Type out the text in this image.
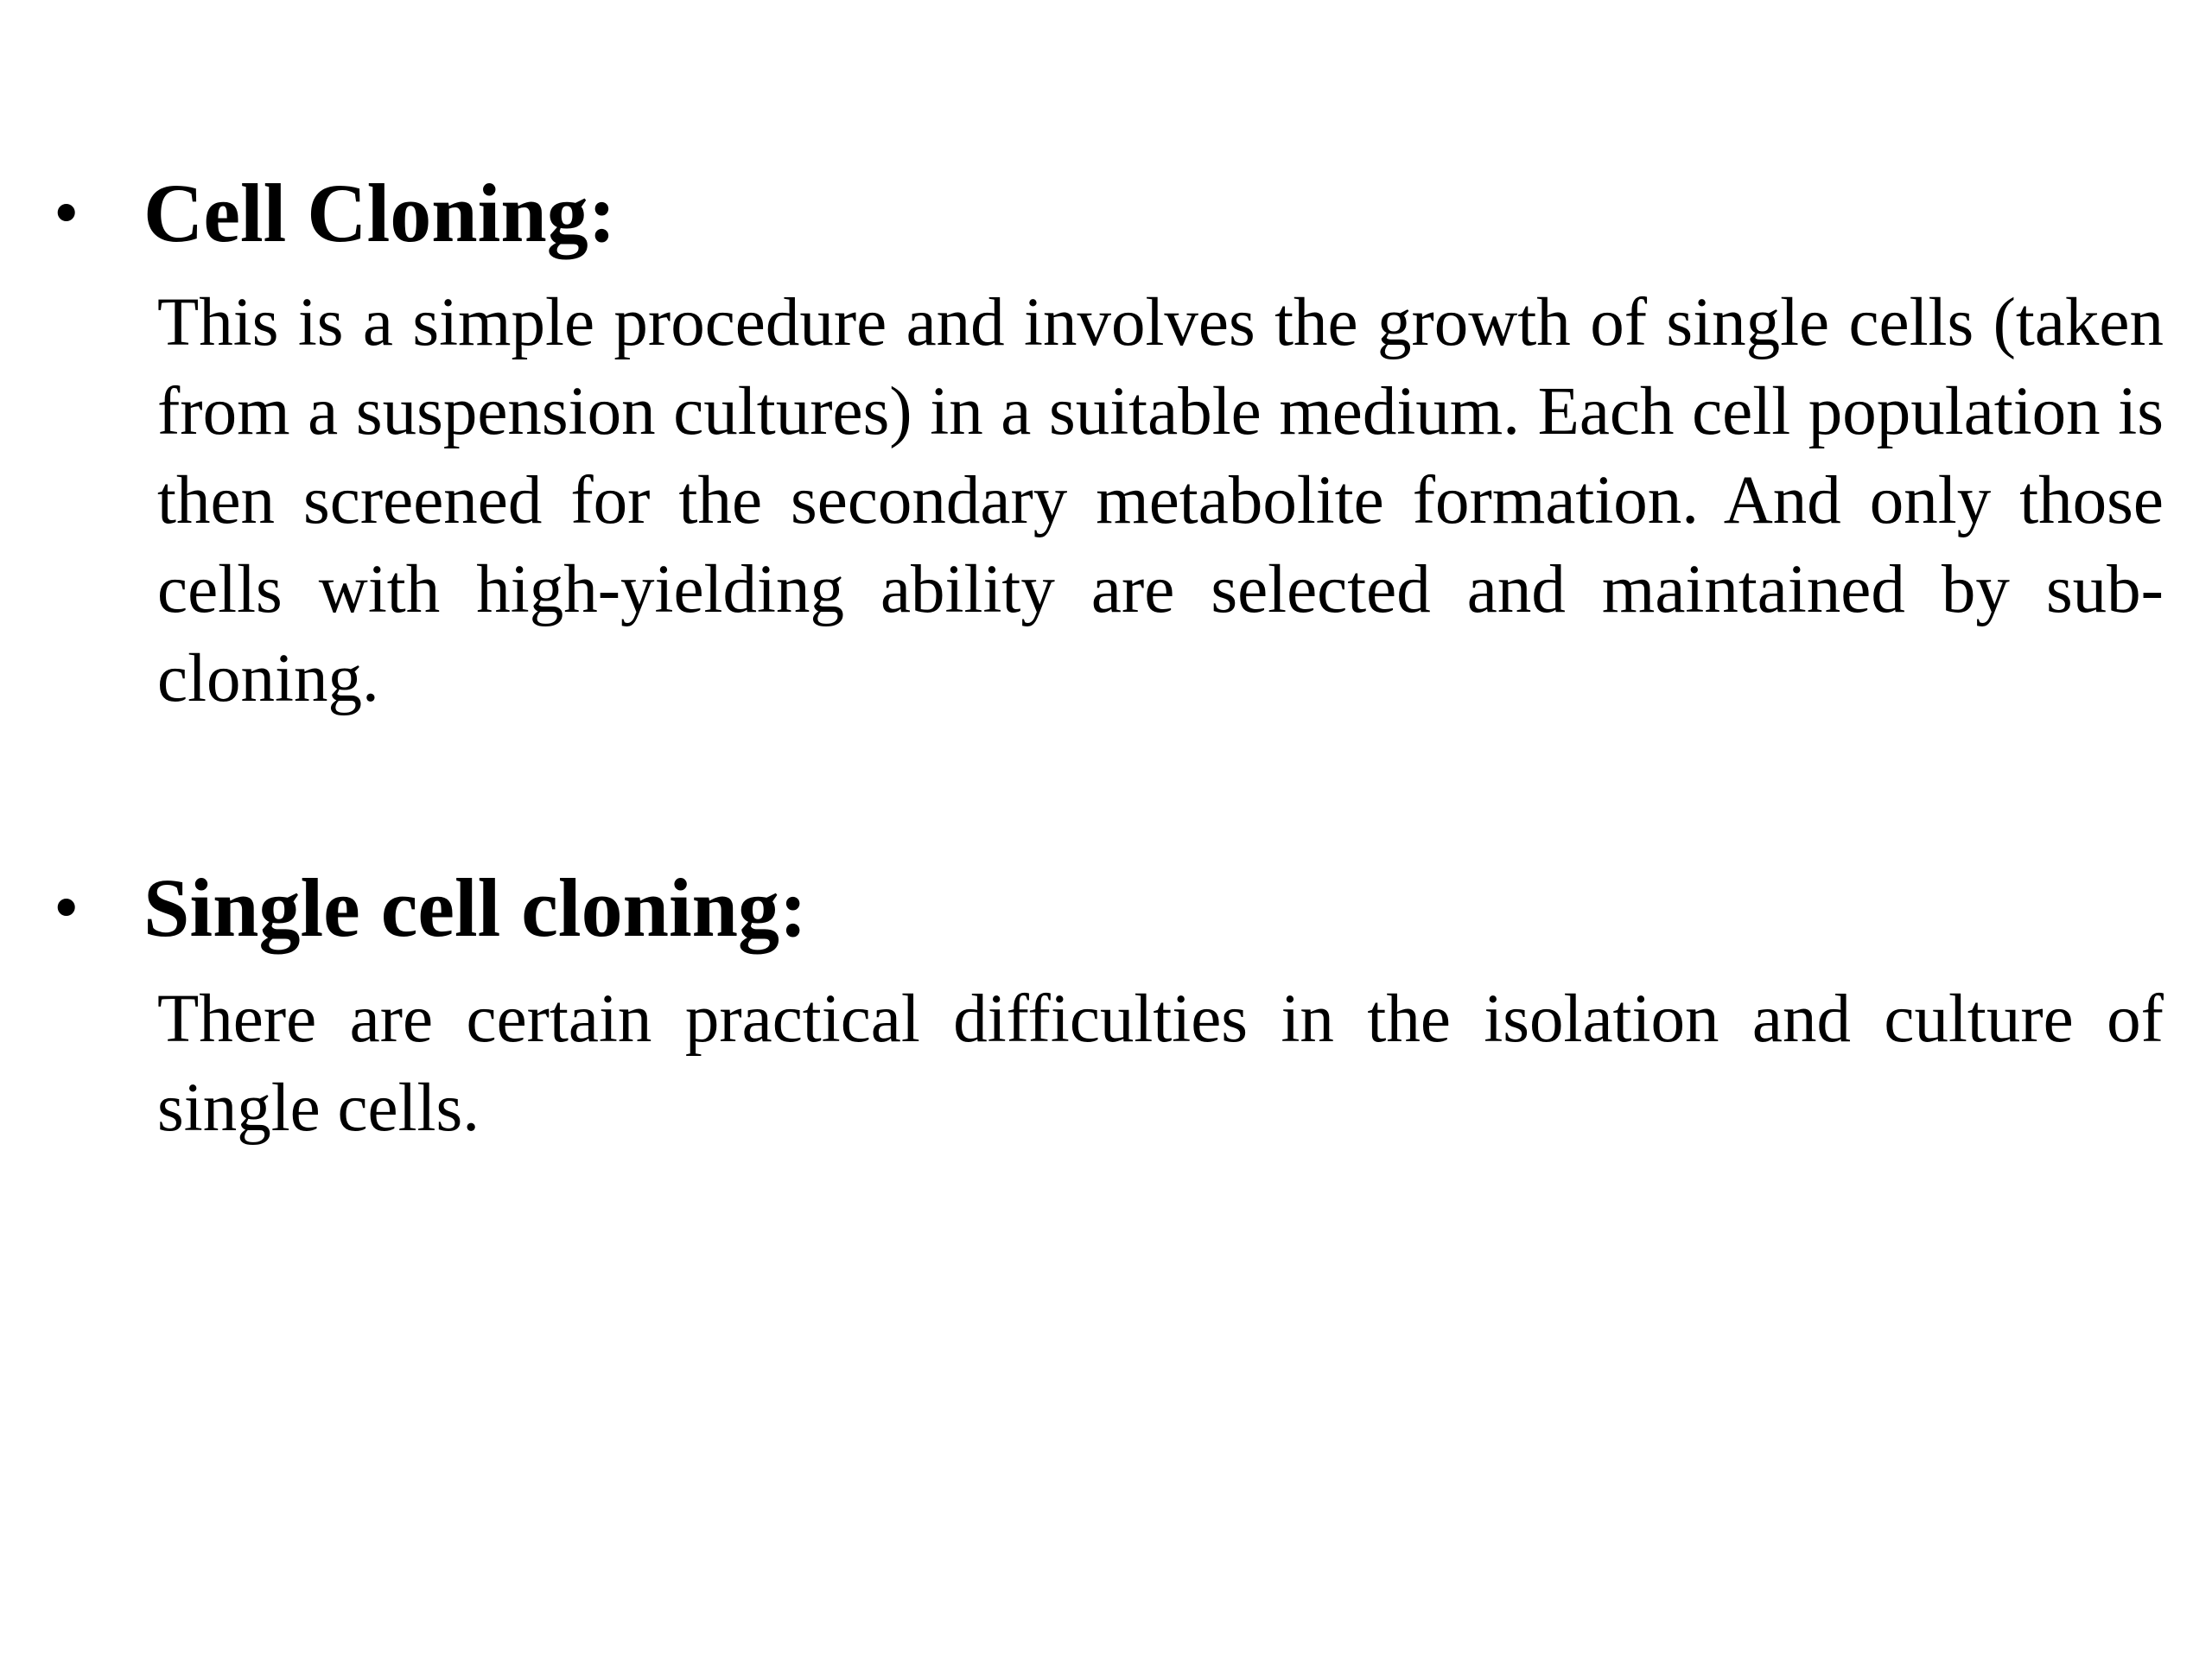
• Cell Cloning:

This is a simple procedure and involves the growth of single cells (taken from a suspension cultures) in a suitable medium. Each cell population is then screened for the secondary metabolite formation. And only those cells with high-yielding ability are selected and maintained by sub-cloning.

• Single cell cloning:

There are certain practical difficulties in the isolation and culture of single cells.
